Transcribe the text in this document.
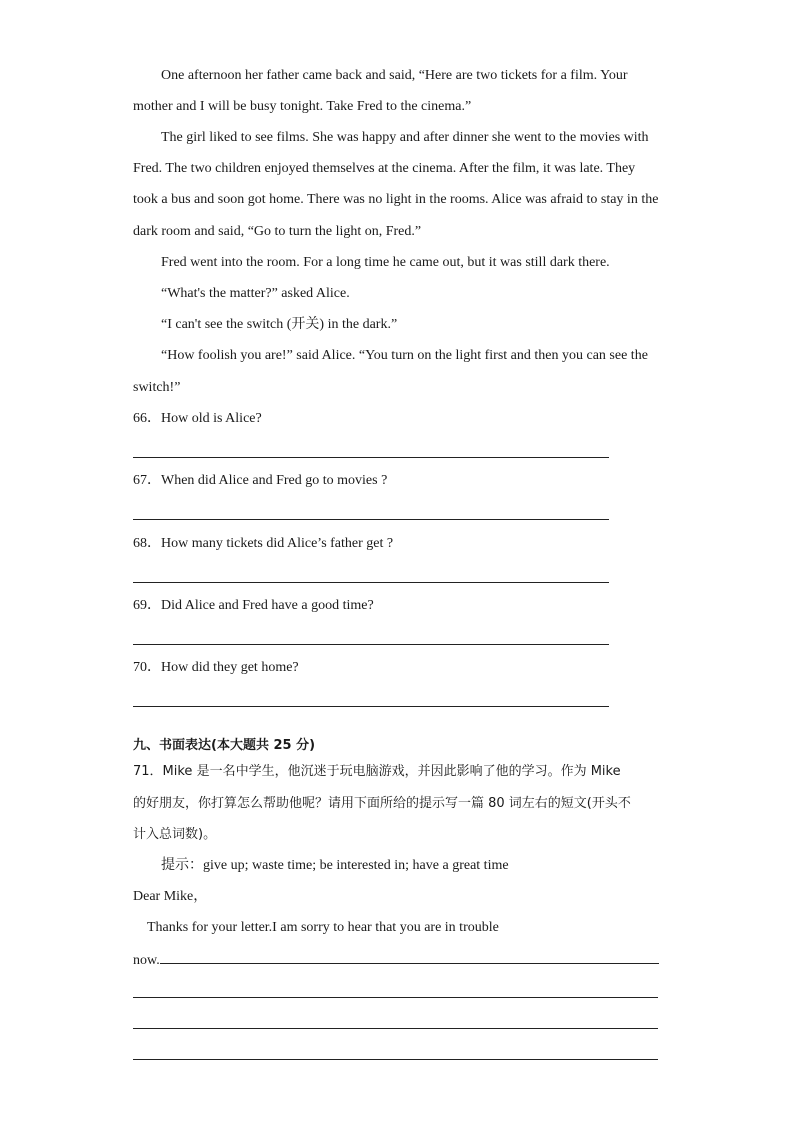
One afternoon her father came back and said, “Here are two tickets for a film. Your
mother and I will be busy tonight. Take Fred to the cinema.”
The girl liked to see films. She was happy and after dinner she went to the movies with
Fred. The two children enjoyed themselves at the cinema. After the film, it was late. They
took a bus and soon got home. There was no light in the rooms. Alice was afraid to stay in the
dark room and said, “Go to turn the light on, Fred.”
Fred went into the room. For a long time he came out, but it was still dark there.
“What's the matter?” asked Alice.
“I can't see the switch (开关) in the dark.”
“How foolish you are!” said Alice. “You turn on the light first and then you can see the
switch!”
66．How old is Alice?
67．When did Alice and Fred go to movies ?
68．How many tickets did Alice’s father get ?
69．Did Alice and Fred have a good time?
70．How did they get home?
九、书面表达(本大题共 25 分)
71．Mike 是一名中学生，他沉迷于玩电脑游戏，并因此影响了他的学习。作为 Mike
的好朋友，你打算怎么帮助他呢？请用下面所给的提示写一篇 80 词左右的短文(开头不
计入总词数)。
提示：give up; waste time; be interested in; have a great time
Dear Mike，
Thanks for your letter.I am sorry to hear that you are in trouble
now.
